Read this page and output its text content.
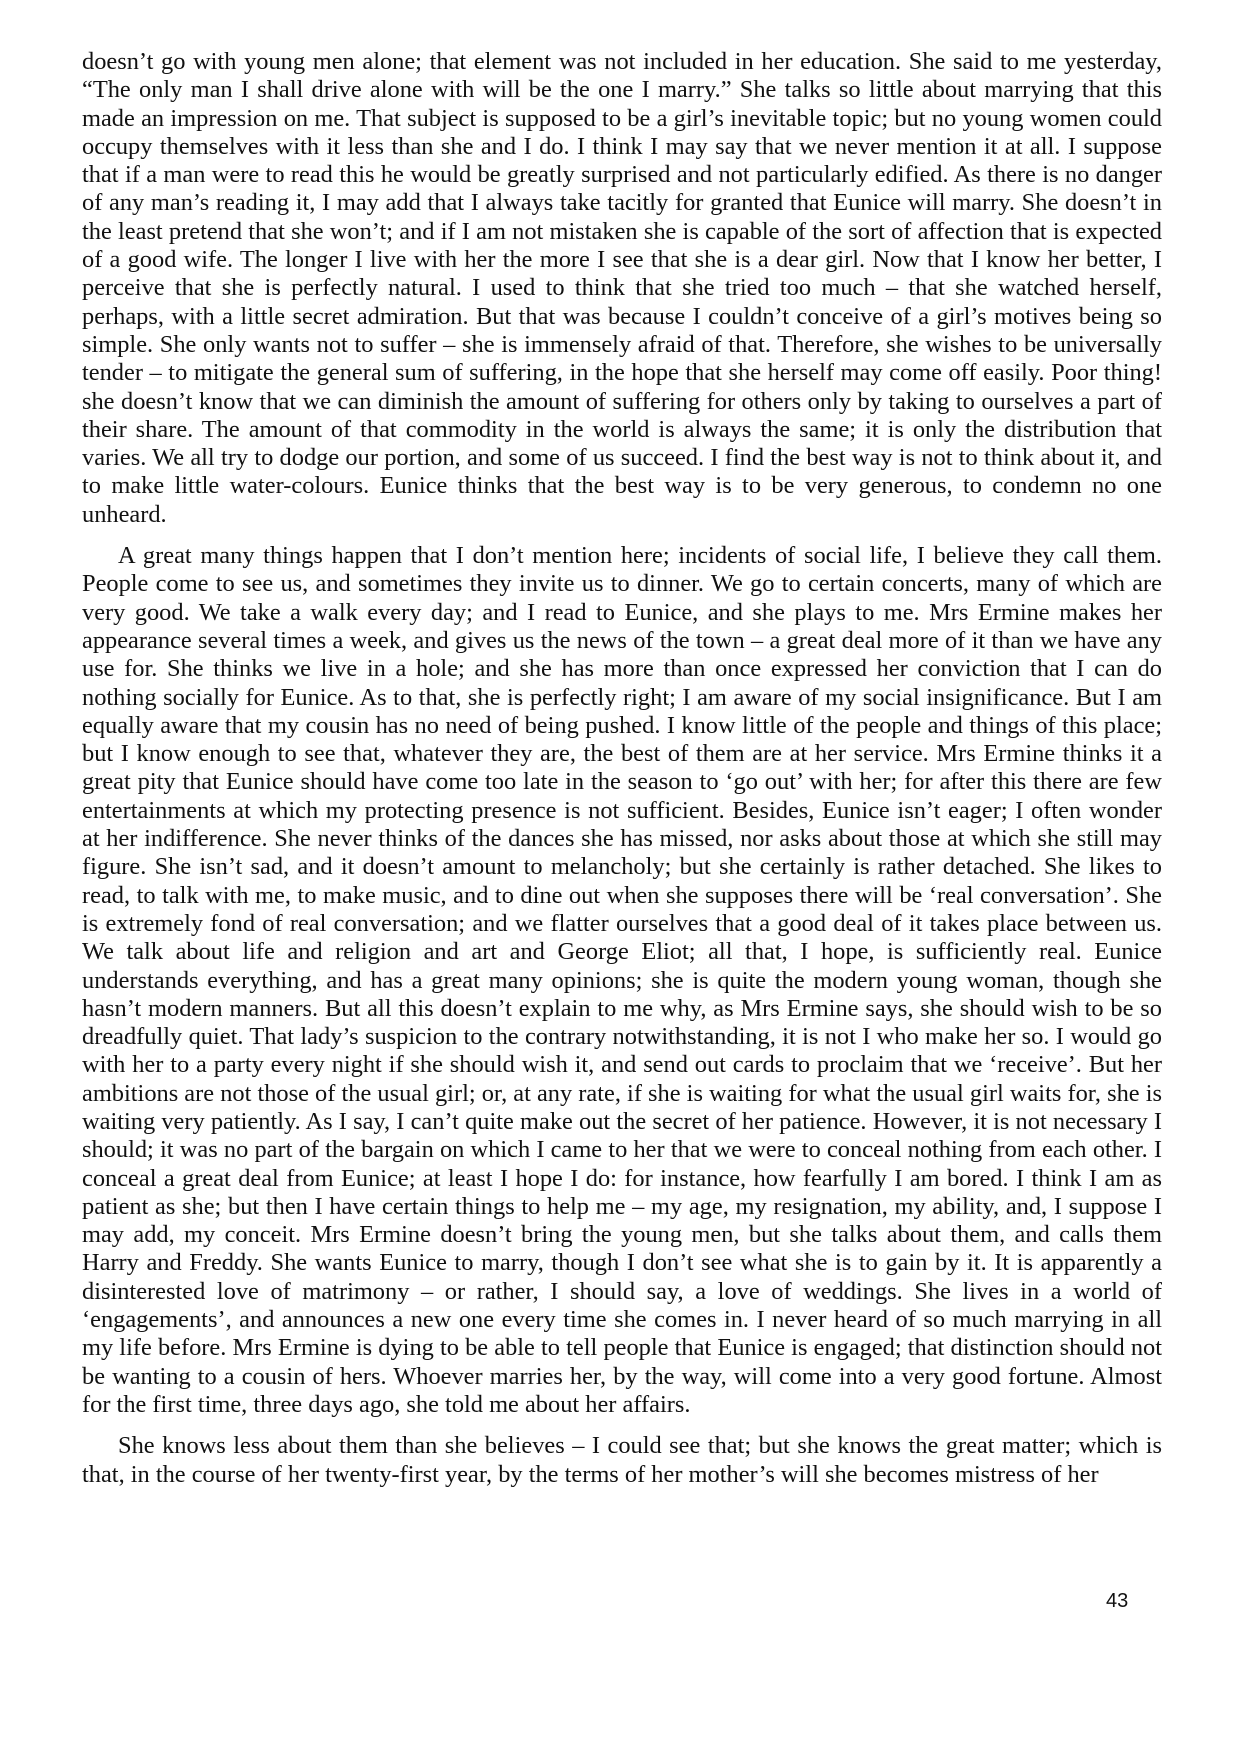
doesn’t go with young men alone; that element was not included in her education. She said to me yesterday, “The only man I shall drive alone with will be the one I marry.” She talks so little about marrying that this made an impression on me. That subject is supposed to be a girl’s inevitable topic; but no young women could occupy themselves with it less than she and I do. I think I may say that we never mention it at all. I suppose that if a man were to read this he would be greatly surprised and not particularly edified. As there is no danger of any man’s reading it, I may add that I always take tacitly for granted that Eunice will marry. She doesn’t in the least pretend that she won’t; and if I am not mistaken she is capable of the sort of affection that is expected of a good wife. The longer I live with her the more I see that she is a dear girl. Now that I know her better, I perceive that she is perfectly natural. I used to think that she tried too much – that she watched herself, perhaps, with a little secret admiration. But that was because I couldn’t conceive of a girl’s motives being so simple. She only wants not to suffer – she is immensely afraid of that. Therefore, she wishes to be universally tender – to mitigate the general sum of suffering, in the hope that she herself may come off easily. Poor thing! she doesn’t know that we can diminish the amount of suffering for others only by taking to ourselves a part of their share. The amount of that commodity in the world is always the same; it is only the distribution that varies. We all try to dodge our portion, and some of us succeed. I find the best way is not to think about it, and to make little water-colours. Eunice thinks that the best way is to be very generous, to condemn no one unheard.

A great many things happen that I don’t mention here; incidents of social life, I believe they call them. People come to see us, and sometimes they invite us to dinner. We go to certain concerts, many of which are very good. We take a walk every day; and I read to Eunice, and she plays to me. Mrs Ermine makes her appearance several times a week, and gives us the news of the town – a great deal more of it than we have any use for. She thinks we live in a hole; and she has more than once expressed her conviction that I can do nothing socially for Eunice. As to that, she is perfectly right; I am aware of my social insignificance. But I am equally aware that my cousin has no need of being pushed. I know little of the people and things of this place; but I know enough to see that, whatever they are, the best of them are at her service. Mrs Ermine thinks it a great pity that Eunice should have come too late in the season to ‘go out’ with her; for after this there are few entertainments at which my protecting presence is not sufficient. Besides, Eunice isn’t eager; I often wonder at her indifference. She never thinks of the dances she has missed, nor asks about those at which she still may figure. She isn’t sad, and it doesn’t amount to melancholy; but she certainly is rather detached. She likes to read, to talk with me, to make music, and to dine out when she supposes there will be ‘real conversation’. She is extremely fond of real conversation; and we flatter ourselves that a good deal of it takes place between us. We talk about life and religion and art and George Eliot; all that, I hope, is sufficiently real. Eunice understands everything, and has a great many opinions; she is quite the modern young woman, though she hasn’t modern manners. But all this doesn’t explain to me why, as Mrs Ermine says, she should wish to be so dreadfully quiet. That lady’s suspicion to the contrary notwithstanding, it is not I who make her so. I would go with her to a party every night if she should wish it, and send out cards to proclaim that we ‘receive’. But her ambitions are not those of the usual girl; or, at any rate, if she is waiting for what the usual girl waits for, she is waiting very patiently. As I say, I can’t quite make out the secret of her patience. However, it is not necessary I should; it was no part of the bargain on which I came to her that we were to conceal nothing from each other. I conceal a great deal from Eunice; at least I hope I do: for instance, how fearfully I am bored. I think I am as patient as she; but then I have certain things to help me – my age, my resignation, my ability, and, I suppose I may add, my conceit. Mrs Ermine doesn’t bring the young men, but she talks about them, and calls them Harry and Freddy. She wants Eunice to marry, though I don’t see what she is to gain by it. It is apparently a disinterested love of matrimony – or rather, I should say, a love of weddings. She lives in a world of ‘engagements’, and announces a new one every time she comes in. I never heard of so much marrying in all my life before. Mrs Ermine is dying to be able to tell people that Eunice is engaged; that distinction should not be wanting to a cousin of hers. Whoever marries her, by the way, will come into a very good fortune. Almost for the first time, three days ago, she told me about her affairs.

She knows less about them than she believes – I could see that; but she knows the great matter; which is that, in the course of her twenty-first year, by the terms of her mother’s will she becomes mistress of her

43
